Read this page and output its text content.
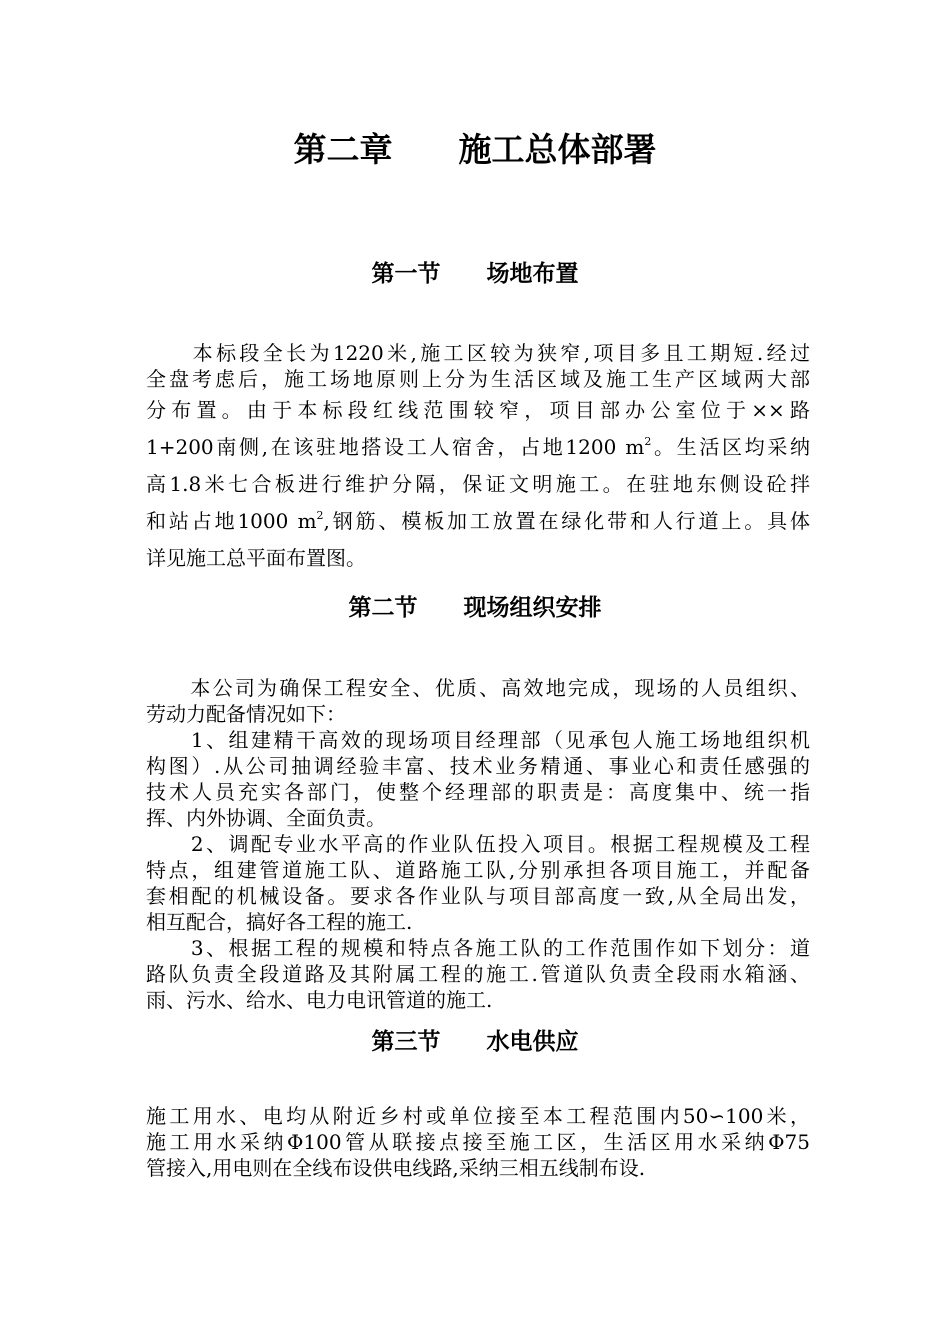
第二章　　施工总体部署
第一节　　场地布置
　　本标段全长为1220米,施工区较为狭窄,项目多且工期短.经过
全盘考虑后，施工场地原则上分为生活区域及施工生产区域两大部
分布置。由于本标段红线范围较窄，项目部办公室位于××路
1+200南侧,在该驻地搭设工人宿舍，占地1200 $m^2$。生活区均采纳
高1.8米七合板进行维护分隔，保证文明施工。在驻地东侧设砼拌
和站占地1000 $m^2$,钢筋、模板加工放置在绿化带和人行道上。具体
详见施工总平面布置图。
第二节　　现场组织安排
　　本公司为确保工程安全、优质、高效地完成，现场的人员组织、
劳动力配备情况如下：
　　1、组建精干高效的现场项目经理部（见承包人施工场地组织机
构图）.从公司抽调经验丰富、技术业务精通、事业心和责任感强的
技术人员充实各部门，使整个经理部的职责是：高度集中、统一指
挥、内外协调、全面负责。
　　2、调配专业水平高的作业队伍投入项目。根据工程规模及工程
特点，组建管道施工队、道路施工队,分别承担各项目施工，并配备
套相配的机械设备。要求各作业队与项目部高度一致,从全局出发，
相互配合，搞好各工程的施工.
　　3、根据工程的规模和特点各施工队的工作范围作如下划分：道
路队负责全段道路及其附属工程的施工.管道队负责全段雨水箱涵、
雨、污水、给水、电力电讯管道的施工.
第三节　　水电供应
施工用水、电均从附近乡村或单位接至本工程范围内50∽100米，
施工用水采纳Φ100管从联接点接至施工区，生活区用水采纳Φ75
管接入,用电则在全线布设供电线路,采纳三相五线制布设.
